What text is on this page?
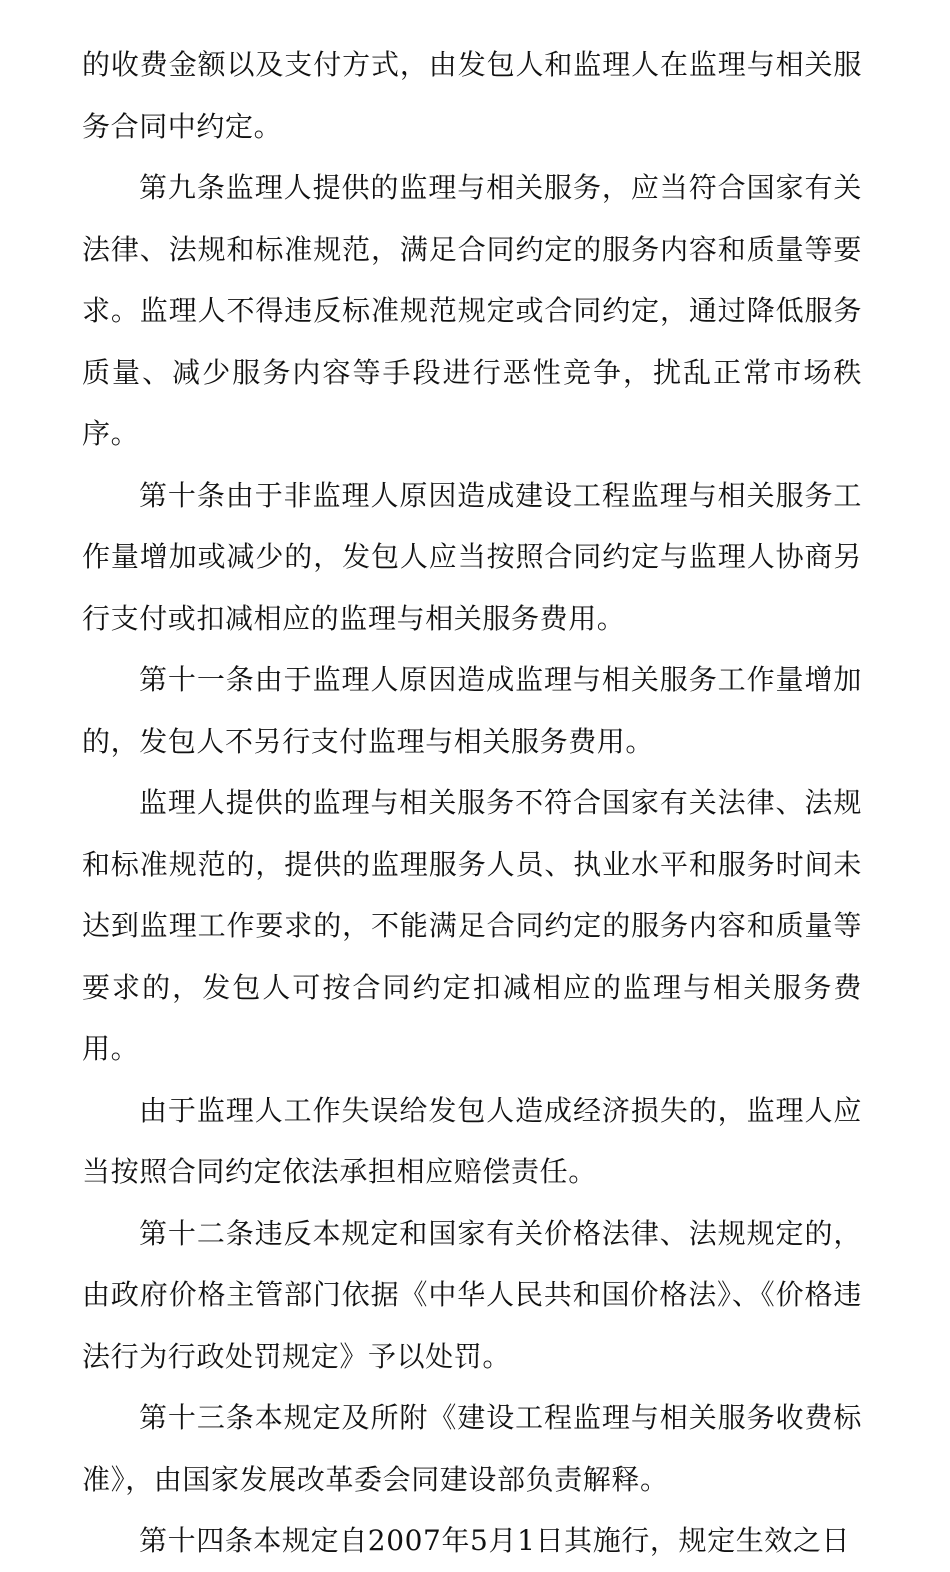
的收费金额以及支付方式，由发包人和监理人在监理与相关服务合同中约定。

第九条监理人提供的监理与相关服务，应当符合国家有关法律、法规和标准规范，满足合同约定的服务内容和质量等要求。监理人不得违反标准规范规定或合同约定，通过降低服务质量、减少服务内容等手段进行恶性竞争，扰乱正常市场秩序。

第十条由于非监理人原因造成建设工程监理与相关服务工作量增加或减少的，发包人应当按照合同约定与监理人协商另行支付或扣减相应的监理与相关服务费用。

第十一条由于监理人原因造成监理与相关服务工作量增加的，发包人不另行支付监理与相关服务费用。

监理人提供的监理与相关服务不符合国家有关法律、法规和标准规范的，提供的监理服务人员、执业水平和服务时间未达到监理工作要求的，不能满足合同约定的服务内容和质量等要求的，发包人可按合同约定扣减相应的监理与相关服务费用。

由于监理人工作失误给发包人造成经济损失的，监理人应当按照合同约定依法承担相应赔偿责任。

第十二条违反本规定和国家有关价格法律、法规规定的，由政府价格主管部门依据《中华人民共和国价格法》、《价格违法行为行政处罚规定》予以处罚。

第十三条本规定及所附《建设工程监理与相关服务收费标准》，由国家发展改革委会同建设部负责解释。

第十四条本规定自2007年5月1日其施行，规定生效之日
